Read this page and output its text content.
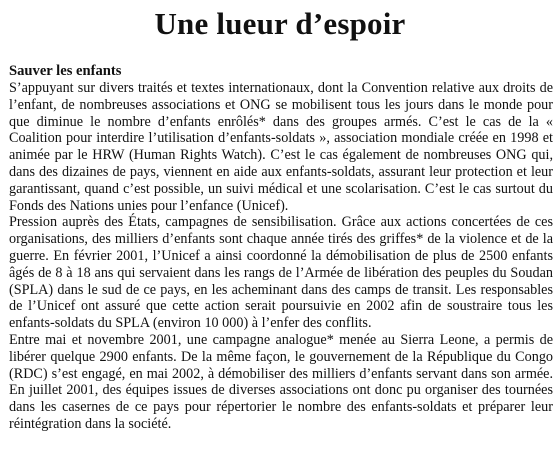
Une lueur d’espoir

Sauver les enfants

S’appuyant sur divers traités et textes internationaux, dont la Convention relative aux droits de l’enfant, de nombreuses associations et ONG se mobilisent tous les jours dans le monde pour que diminue le nombre d’enfants enrôlés* dans des groupes armés. C’est le cas de la « Coalition pour interdire l’utilisation d’enfants-soldats », association mondiale créée en 1998 et animée par le HRW (Human Rights Watch). C’est le cas également de nombreuses ONG qui, dans des dizaines de pays, viennent en aide aux enfants-soldats, assurant leur protection et leur garantissant, quand c’est possible, un suivi médical et une scolarisation. C’est le cas surtout du Fonds des Nations unies pour l’enfance (Unicef).

Pression auprès des États, campagnes de sensibilisation. Grâce aux actions concertées de ces organisations, des milliers d’enfants sont chaque année tirés des griffes* de la violence et de la guerre. En février 2001, l’Unicef a ainsi coordonné la démobilisation de plus de 2500 enfants âgés de 8 à 18 ans qui servaient dans les rangs de l’Armée de libération des peuples du Soudan (SPLA) dans le sud de ce pays, en les acheminant dans des camps de transit. Les responsables de l’Unicef ont assuré que cette action serait poursuivie en 2002 afin de soustraire tous les enfants-soldats du SPLA (environ 10 000) à l’enfer des conflits.

Entre mai et novembre 2001, une campagne analogue* menée au Sierra Leone, a permis de libérer quelque 2900 enfants. De la même façon, le gouvernement de la République du Congo (RDC) s’est engagé, en mai 2002, à démobiliser des milliers d’enfants servant dans son armée. En juillet 2001, des équipes issues de diverses associations ont donc pu organiser des tournées dans les casernes de ce pays pour répertorier le nombre des enfants-soldats et préparer leur réintégration dans la société.
